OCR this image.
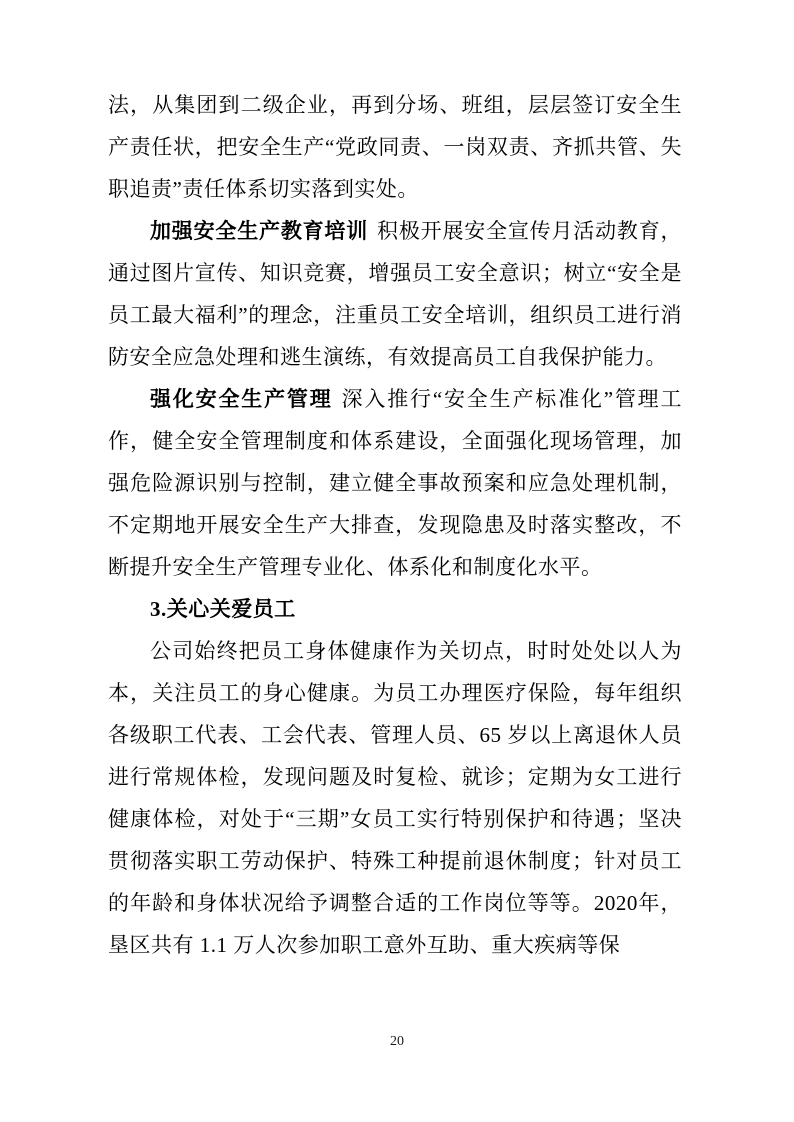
法，从集团到二级企业，再到分场、班组，层层签订安全生产责任状，把安全生产“党政同责、一岗双责、齐抓共管、失职追责”责任体系切实落到实处。

加强安全生产教育培训 积极开展安全宣传月活动教育，通过图片宣传、知识竞赛，增强员工安全意识；树立“安全是员工最大福利”的理念，注重员工安全培训，组织员工进行消防安全应急处理和逃生演练，有效提高员工自我保护能力。

强化安全生产管理 深入推行“安全生产标准化”管理工作，健全安全管理制度和体系建设，全面强化现场管理，加强危险源识别与控制，建立健全事故预案和应急处理机制，不定期地开展安全生产大排查，发现隐患及时落实整改，不断提升安全生产管理专业化、体系化和制度化水平。

3.关心关爱员工

公司始终把员工身体健康作为关切点，时时处处以人为本，关注员工的身心健康。为员工办理医疗保险，每年组织各级职工代表、工会代表、管理人员、65 岁以上离退休人员进行常规体检，发现问题及时复检、就诊；定期为女工进行健康体检，对处于“三期”女员工实行特别保护和待遇；坚决贯彻落实职工劳动保护、特殊工种提前退休制度；针对员工的年龄和身体状况给予调整合适的工作岗位等等。2020年，垦区共有 1.1 万人次参加职工意外互助、重大疾病等保

20
